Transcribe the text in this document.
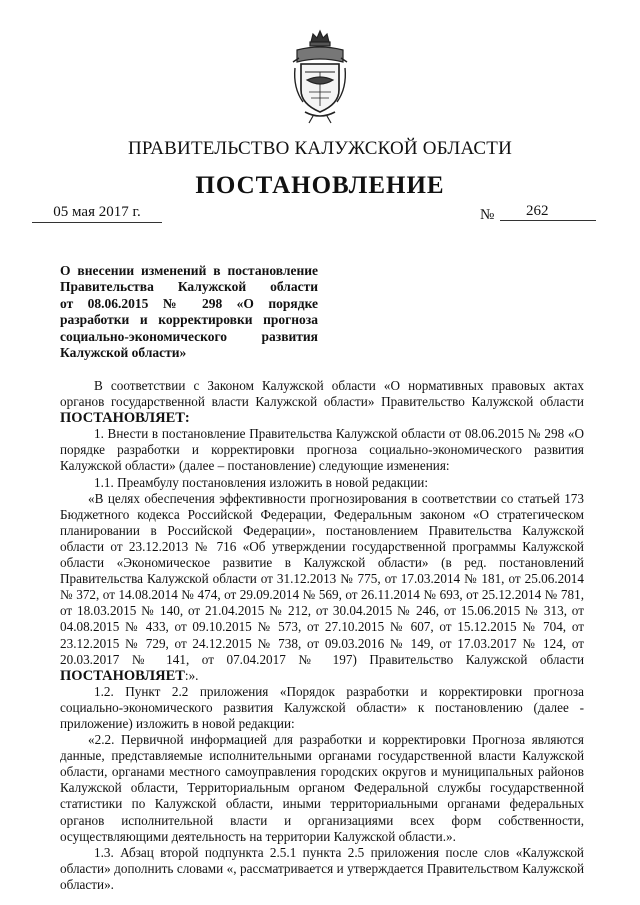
ПРАВИТЕЛЬСТВО КАЛУЖСКОЙ ОБЛАСТИ
ПОСТАНОВЛЕНИЕ
05 мая 2017 г.	№	262
О внесении изменений в постановление
Правительства Калужской области
от 08.06.2015 № 298 «О порядке
разработки и корректировки прогноза
социально-экономического развития
Калужской области»

В соответствии с Законом Калужской области «О нормативных правовых актах органов государственной власти Калужской области» Правительство Калужской области ПОСТАНОВЛЯЕТ:

1. Внести в постановление Правительства Калужской области от 08.06.2015 № 298 «О порядке разработки и корректировки прогноза социально-экономического развития Калужской области» (далее – постановление) следующие изменения:

1.1. Преамбулу постановления изложить в новой редакции:

«В целях обеспечения эффективности прогнозирования в соответствии со статьей 173 Бюджетного кодекса Российской Федерации, Федеральным законом «О стратегическом планировании в Российской Федерации», постановлением Правительства Калужской области от 23.12.2013 № 716 «Об утверждении государственной программы Калужской области «Экономическое развитие в Калужской области» (в ред. постановлений Правительства Калужской области от 31.12.2013 № 775, от 17.03.2014 № 181, от 25.06.2014 № 372, от 14.08.2014 № 474, от 29.09.2014 № 569, от 26.11.2014 № 693, от 25.12.2014 № 781, от 18.03.2015 № 140, от 21.04.2015 № 212, от 30.04.2015 № 246, от 15.06.2015 № 313, от 04.08.2015 № 433, от 09.10.2015 № 573, от 27.10.2015 № 607, от 15.12.2015 № 704, от 23.12.2015 № 729, от 24.12.2015 № 738, от 09.03.2016 № 149, от 17.03.2017 № 124, от 20.03.2017 № 141, от 07.04.2017 № 197) Правительство Калужской области ПОСТАНОВЛЯЕТ:».

1.2. Пункт 2.2 приложения «Порядок разработки и корректировки прогноза социально-экономического развития Калужской области» к постановлению (далее - приложение) изложить в новой редакции:

«2.2. Первичной информацией для разработки и корректировки Прогноза являются данные, представляемые исполнительными органами государственной власти Калужской области, органами местного самоуправления городских округов и муниципальных районов Калужской области, Территориальным органом Федеральной службы государственной статистики по Калужской области, иными территориальными органами федеральных органов исполнительной власти и организациями всех форм собственности, осуществляющими деятельность на территории Калужской области.».

1.3. Абзац второй подпункта 2.5.1 пункта 2.5 приложения после слов «Калужской области» дополнить словами «, рассматривается и утверждается Правительством Калужской области».
